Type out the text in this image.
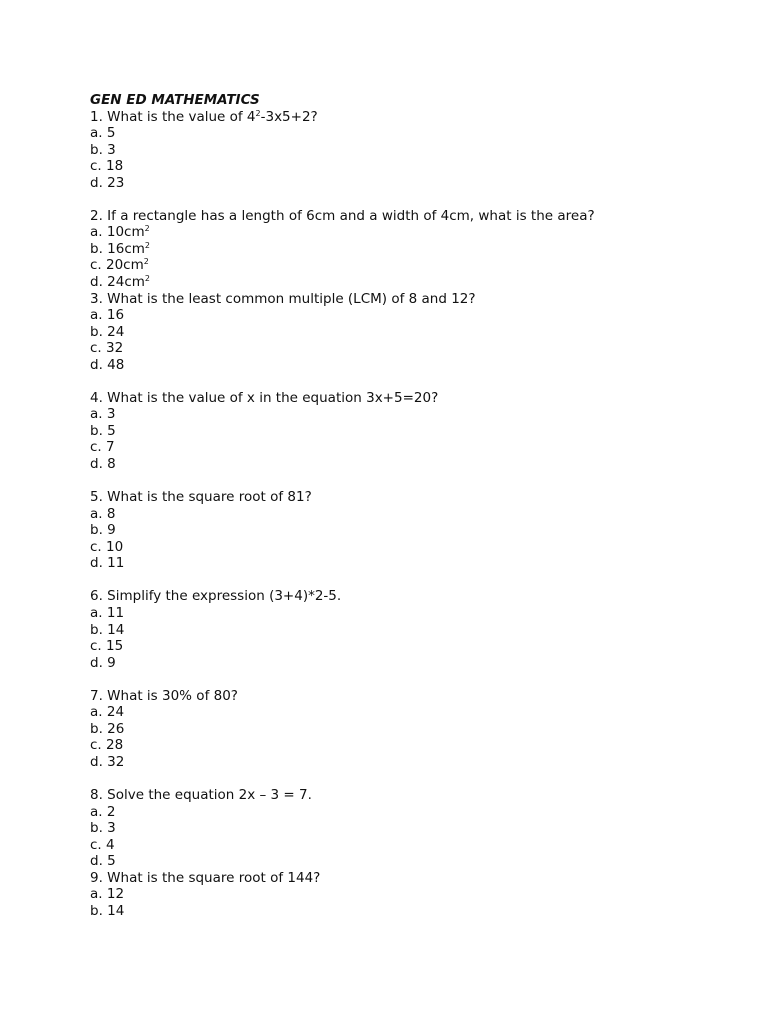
GEN ED MATHEMATICS
1. What is the value of $4^2-3x5+2$?
a. 5
b. 3
c. 18
d. 23
2. If a rectangle has a length of 6cm and a width of 4cm, what is the area?
a. $10cm^2$
b. $16cm^2$
c. $20cm^2$
d. $24cm^2$
3. What is the least common multiple (LCM) of 8 and 12?
a. 16
b. 24
c. 32
d. 48
4. What is the value of x in the equation 3x+5=20?
a. 3
b. 5
c. 7
d. 8
5. What is the square root of 81?
a. 8
b. 9
c. 10
d. 11
6. Simplify the expression (3+4)*2-5.
a. 11
b. 14
c. 15
d. 9
7. What is 30% of 80?
a. 24
b. 26
c. 28
d. 32
8. Solve the equation 2x – 3 = 7.
a. 2
b. 3
c. 4
d. 5
9. What is the square root of 144?
a. 12
b. 14
